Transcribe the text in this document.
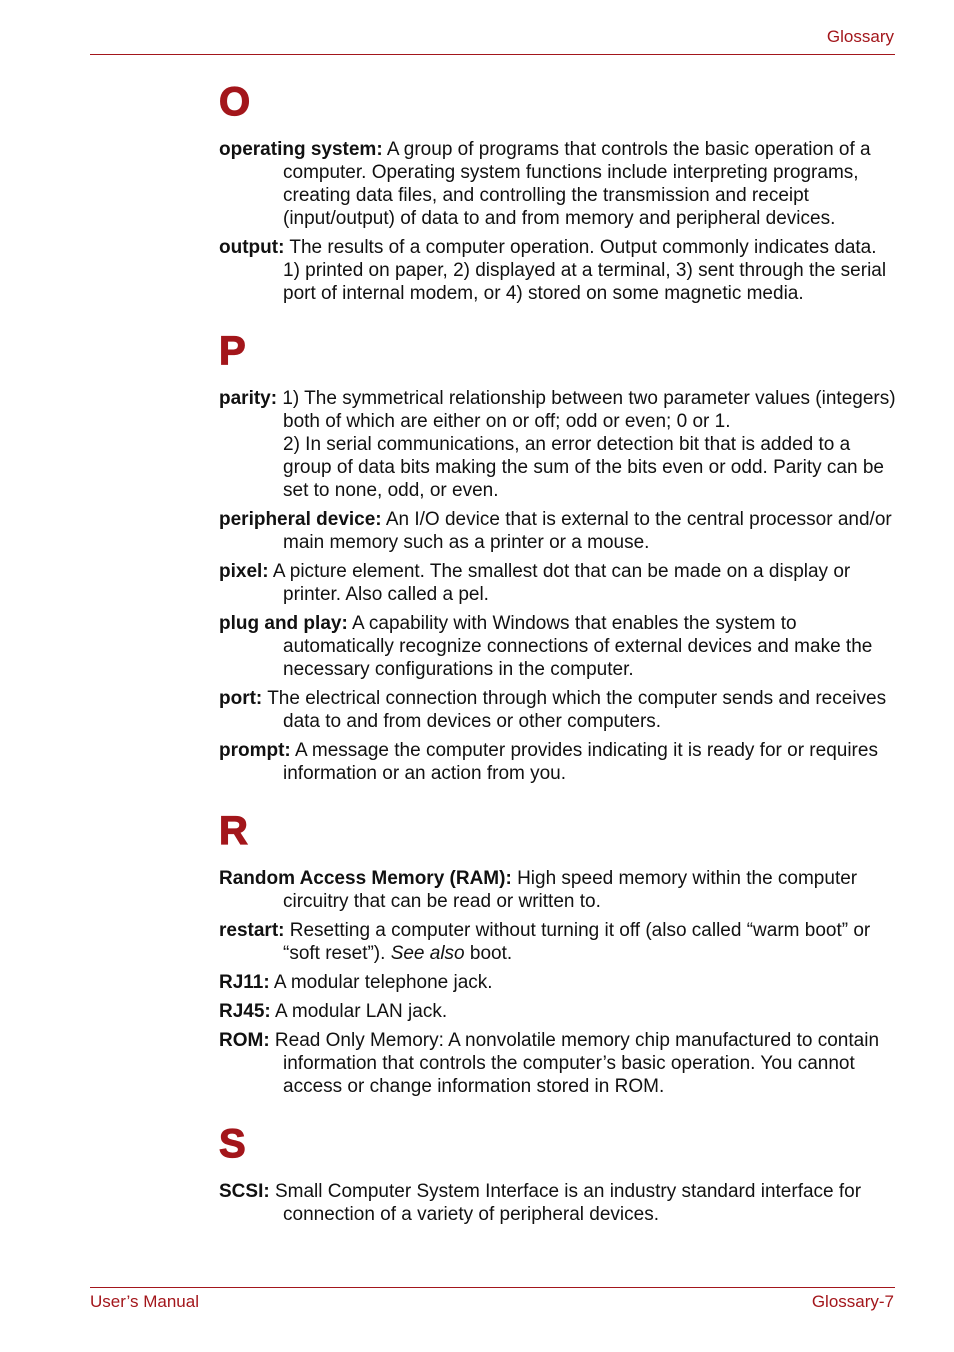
Glossary
O

operating system: A group of programs that controls the basic operation of a computer. Operating system functions include interpreting programs, creating data files, and controlling the transmission and receipt (input/output) of data to and from memory and peripheral devices.

output: The results of a computer operation. Output commonly indicates data.
1) printed on paper, 2) displayed at a terminal, 3) sent through the serial port of internal modem, or 4) stored on some magnetic media.

P

parity: 1) The symmetrical relationship between two parameter values (integers) both of which are either on or off; odd or even; 0 or 1.
2) In serial communications, an error detection bit that is added to a group of data bits making the sum of the bits even or odd. Parity can be set to none, odd, or even.

peripheral device: An I/O device that is external to the central processor and/or main memory such as a printer or a mouse.

pixel: A picture element. The smallest dot that can be made on a display or printer. Also called a pel.

plug and play: A capability with Windows that enables the system to automatically recognize connections of external devices and make the necessary configurations in the computer.

port: The electrical connection through which the computer sends and receives data to and from devices or other computers.

prompt: A message the computer provides indicating it is ready for or requires information or an action from you.

R

Random Access Memory (RAM): High speed memory within the computer circuitry that can be read or written to.

restart: Resetting a computer without turning it off (also called “warm boot” or “soft reset”). See also boot.

RJ11: A modular telephone jack.

RJ45: A modular LAN jack.

ROM: Read Only Memory: A nonvolatile memory chip manufactured to contain information that controls the computer’s basic operation. You cannot access or change information stored in ROM.

S

SCSI: Small Computer System Interface is an industry standard interface for connection of a variety of peripheral devices.

User’s Manual	Glossary-7
